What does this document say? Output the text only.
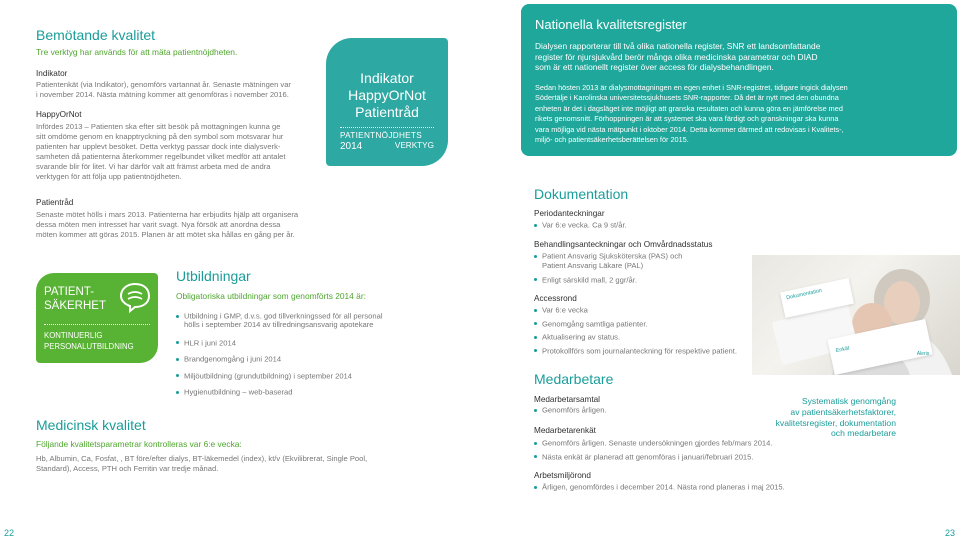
Bemötande kvalitet
Tre verktyg har används för att mäta patientnöjdheten.
Indikator
Patientenkät (via Indikator), genomförs vartannat år. Senaste mätningen var
i november 2014. Nästa mätning kommer att genomföras i november 2016.
HappyOrNot
Infördes 2013 – Patienten ska efter sitt besök på mottagningen kunna ge
sitt omdöme genom en knapptryckning på den symbol som motsvarar hur
patienten har upplevt besöket. Detta verktyg passar dock inte dialysverk-
samheten då patienterna återkommer regelbundet vilket medför att antalet
svarande blir för litet. Vi har därför valt att främst arbeta med de andra
verktygen för att följa upp patientnöjdheten.
Patientråd
Senaste mötet hölls i mars 2013. Patienterna har erbjudits hjälp att organisera
dessa möten men intresset har varit svagt. Nya försök att anordna dessa
möten kommer att göras 2015. Planen är att mötet ska hållas en gång per år.
Indikator
HappyOrNot
Patientråd
PATIENTNÖJDHETS
2014	VERKTYG
PATIENT-
SÄKERHET
KONTINUERLIG
PERSONALUTBILDNING
Utbildningar
Obligatoriska utbildningar som genomförts 2014 är:
Utbildning i GMP, d.v.s. god tillverkningssed för all personal
hölls i september 2014 av tillredningsansvarig apotekare
HLR i juni 2014
Brandgenomgång i juni 2014
Miljöutbildning (grundutbildning) i september 2014
Hygienutbildning – web-baserad
Medicinsk kvalitet
Följande kvalitetsparametrar kontrolleras var 6:e vecka:
Hb, Albumin, Ca, Fosfat, , BT före/efter dialys, BT-läkemedel (index), kt/v (Ekvilibrerat, Single Pool,
Standard), Access, PTH och Ferritin var tredje månad.
22
Nationella kvalitetsregister
Dialysen rapporterar till två olika nationella register, SNR ett landsomfattande
register för njursjukvård berör många olika medicinska parametrar och DIAD
som är ett nationellt register över access för dialysbehandlingen.
Sedan hösten 2013 är dialysmottagningen en egen enhet i SNR-registret, tidigare ingick dialysen
Södertälje i Karolinska universitetssjukhusets SNR-rapporter. Då det är nytt med den obundna
enheten är det i dagsläget inte möjligt att granska resultaten och kunna göra en jämförelse med
rikets genomsnitt. Förhoppningen är att systemet ska vara färdigt och granskningar ska kunna
vara möjliga vid nästa mätpunkt i oktober 2014. Detta kommer därmed att redovisas i Kvalitets-,
miljö- och patientsäkerhetsberättelsen för 2015.
Dokumentation
Periodanteckningar
Var 6:e vecka. Ca 9 st/år.
Behandlingsanteckningar och Omvårdnadsstatus
Patient Ansvarig Sjuksköterska (PAS) och
Patient Ansvarig Läkare (PAL)
Enligt särskild mall, 2 ggr/år.
Accessrond
Var 6:e vecka
Genomgång samtliga patienter.
Aktualisering av status.
Protokollförs som journalanteckning för respektive patient.
Medarbetare
Medarbetarsamtal
Genomförs årligen.
Medarbetarenkät
Genomförs årligen. Senaste undersökningen gjordes feb/mars 2014.
Nästa enkät är planerad att genomföras i januari/februari 2015.
Arbetsmiljörond
Årligen, genomfördes i december 2014. Nästa rond planeras i maj 2015.
Dokumentation
Enkät	Aleris
Systematisk genomgång
av patientsäkerhetsfaktorer,
kvalitetsregister, dokumentation
och medarbetare
23
